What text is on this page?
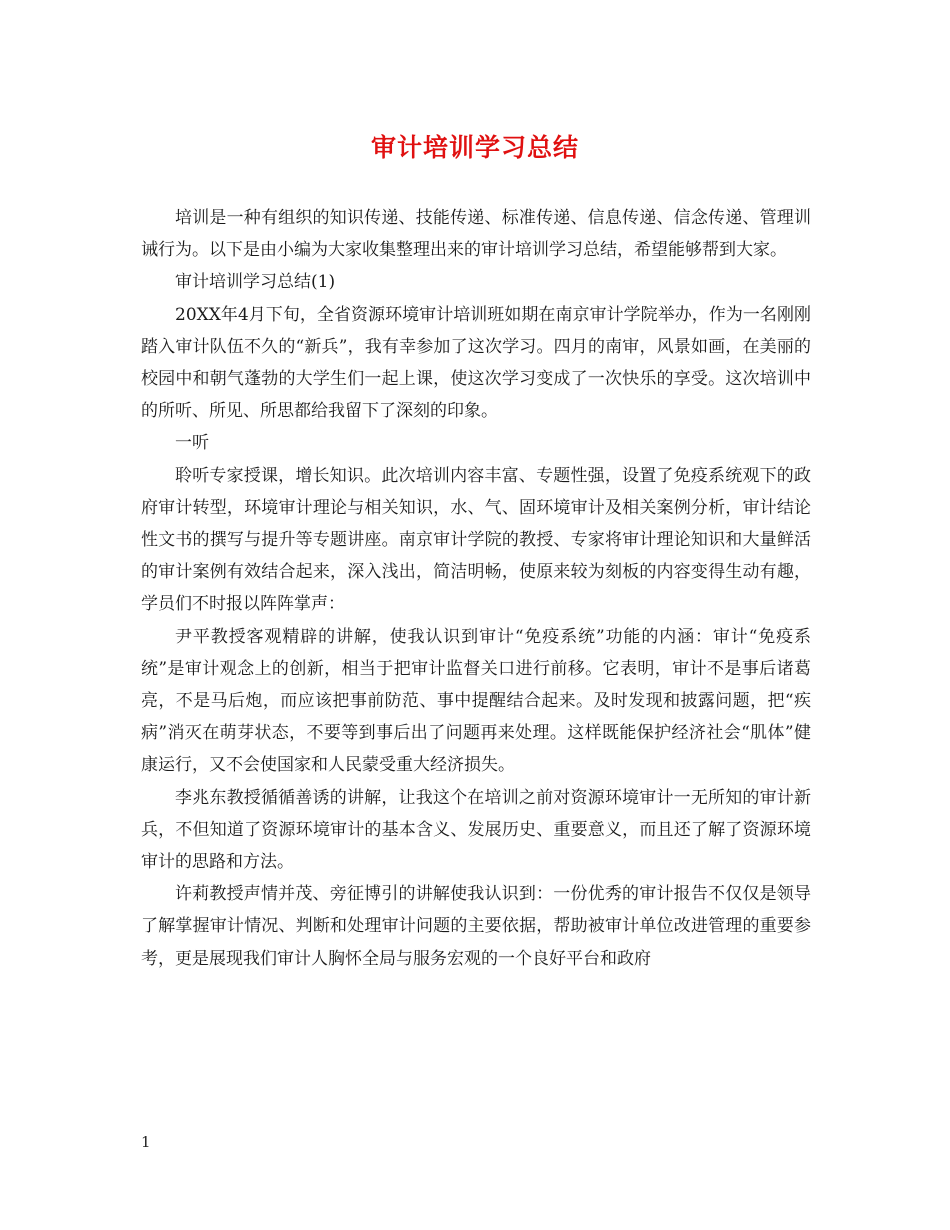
审计培训学习总结

培训是一种有组织的知识传递、技能传递、标准传递、信息传递、信念传递、管理训诫行为。以下是由小编为大家收集整理出来的审计培训学习总结，希望能够帮到大家。

审计培训学习总结(1)

20XX年4月下旬，全省资源环境审计培训班如期在南京审计学院举办，作为一名刚刚踏入审计队伍不久的“新兵”，我有幸参加了这次学习。四月的南审，风景如画，在美丽的校园中和朝气蓬勃的大学生们一起上课，使这次学习变成了一次快乐的享受。这次培训中的所听、所见、所思都给我留下了深刻的印象。

一听

聆听专家授课，增长知识。此次培训内容丰富、专题性强，设置了免疫系统观下的政府审计转型，环境审计理论与相关知识，水、气、固环境审计及相关案例分析，审计结论性文书的撰写与提升等专题讲座。南京审计学院的教授、专家将审计理论知识和大量鲜活的审计案例有效结合起来，深入浅出，简洁明畅，使原来较为刻板的内容变得生动有趣，学员们不时报以阵阵掌声：

尹平教授客观精辟的讲解，使我认识到审计“免疫系统”功能的内涵：审计“免疫系统”是审计观念上的创新，相当于把审计监督关口进行前移。它表明，审计不是事后诸葛亮，不是马后炮，而应该把事前防范、事中提醒结合起来。及时发现和披露问题，把“疾病”消灭在萌芽状态，不要等到事后出了问题再来处理。这样既能保护经济社会“肌体”健康运行，又不会使国家和人民蒙受重大经济损失。

李兆东教授循循善诱的讲解，让我这个在培训之前对资源环境审计一无所知的审计新兵，不但知道了资源环境审计的基本含义、发展历史、重要意义，而且还了解了资源环境审计的思路和方法。

许莉教授声情并茂、旁征博引的讲解使我认识到：一份优秀的审计报告不仅仅是领导了解掌握审计情况、判断和处理审计问题的主要依据，帮助被审计单位改进管理的重要参考，更是展现我们审计人胸怀全局与服务宏观的一个良好平台和政府

1
